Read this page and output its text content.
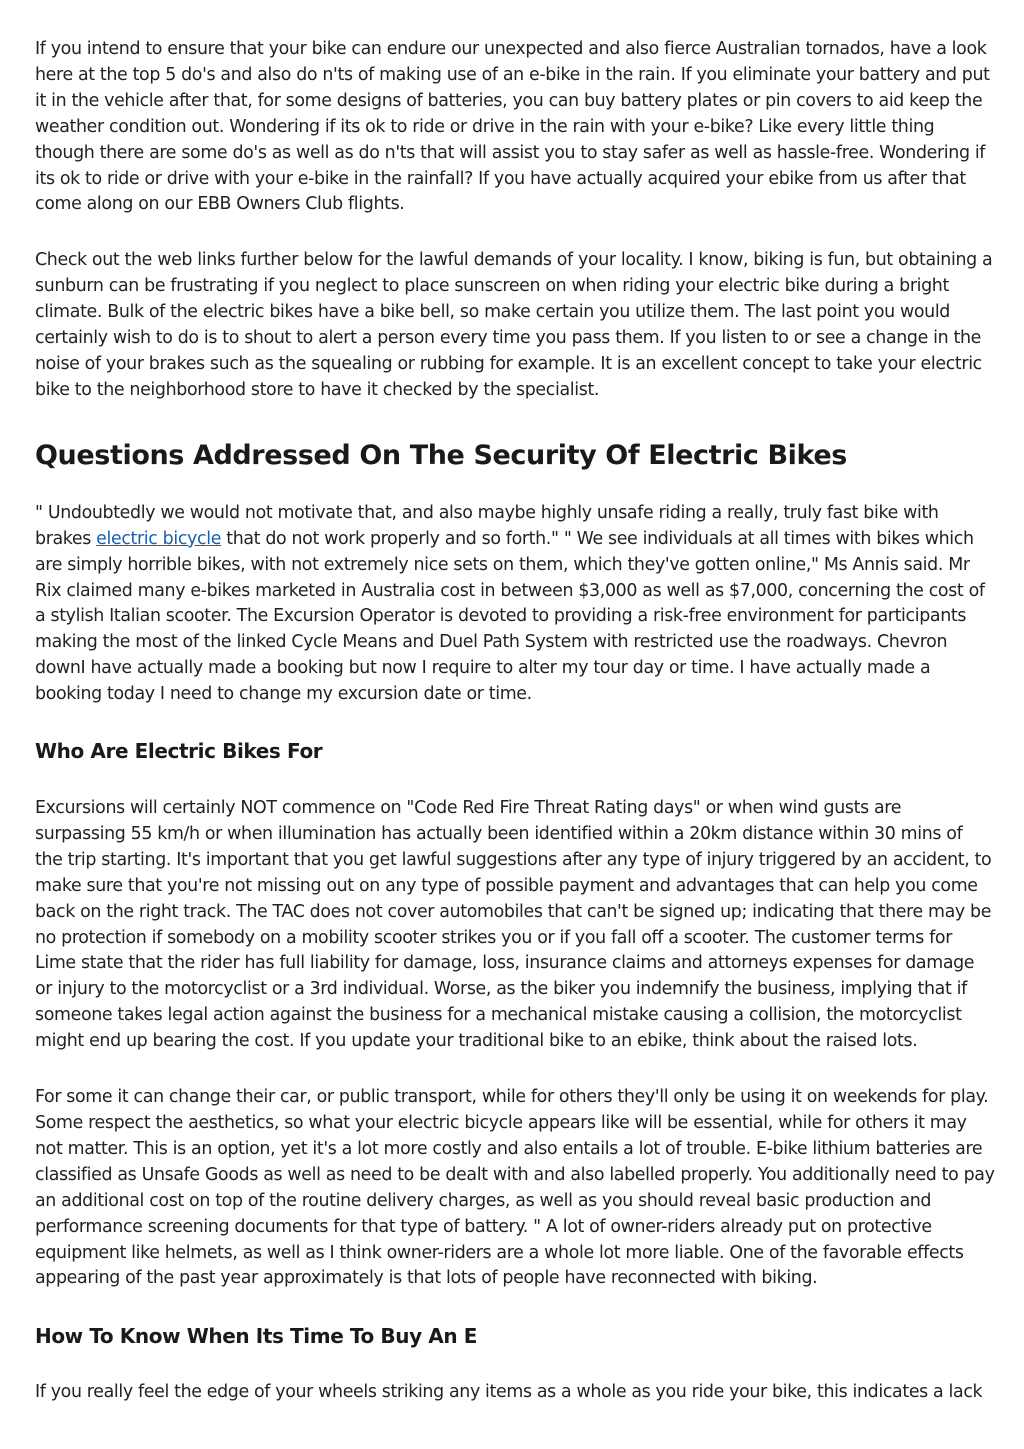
If you intend to ensure that your bike can endure our unexpected and also fierce Australian tornados, have a look here at the top 5 do's and also do n'ts of making use of an e-bike in the rain. If you eliminate your battery and put it in the vehicle after that, for some designs of batteries, you can buy battery plates or pin covers to aid keep the weather condition out. Wondering if its ok to ride or drive in the rain with your e-bike? Like every little thing though there are some do's as well as do n'ts that will assist you to stay safer as well as hassle-free. Wondering if its ok to ride or drive with your e-bike in the rainfall? If you have actually acquired your ebike from us after that come along on our EBB Owners Club flights.

Check out the web links further below for the lawful demands of your locality. I know, biking is fun, but obtaining a sunburn can be frustrating if you neglect to place sunscreen on when riding your electric bike during a bright climate. Bulk of the electric bikes have a bike bell, so make certain you utilize them. The last point you would certainly wish to do is to shout to alert a person every time you pass them. If you listen to or see a change in the noise of your brakes such as the squealing or rubbing for example. It is an excellent concept to take your electric bike to the neighborhood store to have it checked by the specialist.

Questions Addressed On The Security Of Electric Bikes

" Undoubtedly we would not motivate that, and also maybe highly unsafe riding a really, truly fast bike with brakes electric bicycle that do not work properly and so forth." " We see individuals at all times with bikes which are simply horrible bikes, with not extremely nice sets on them, which they've gotten online," Ms Annis said. Mr Rix claimed many e-bikes marketed in Australia cost in between $3,000 as well as $7,000, concerning the cost of a stylish Italian scooter. The Excursion Operator is devoted to providing a risk-free environment for participants making the most of the linked Cycle Means and Duel Path System with restricted use the roadways. Chevron downI have actually made a booking but now I require to alter my tour day or time. I have actually made a booking today I need to change my excursion date or time.

Who Are Electric Bikes For

Excursions will certainly NOT commence on "Code Red Fire Threat Rating days" or when wind gusts are surpassing 55 km/h or when illumination has actually been identified within a 20km distance within 30 mins of the trip starting. It's important that you get lawful suggestions after any type of injury triggered by an accident, to make sure that you're not missing out on any type of possible payment and advantages that can help you come back on the right track. The TAC does not cover automobiles that can't be signed up; indicating that there may be no protection if somebody on a mobility scooter strikes you or if you fall off a scooter. The customer terms for Lime state that the rider has full liability for damage, loss, insurance claims and attorneys expenses for damage or injury to the motorcyclist or a 3rd individual. Worse, as the biker you indemnify the business, implying that if someone takes legal action against the business for a mechanical mistake causing a collision, the motorcyclist might end up bearing the cost. If you update your traditional bike to an ebike, think about the raised lots.

For some it can change their car, or public transport, while for others they'll only be using it on weekends for play. Some respect the aesthetics, so what your electric bicycle appears like will be essential, while for others it may not matter. This is an option, yet it's a lot more costly and also entails a lot of trouble. E-bike lithium batteries are classified as Unsafe Goods as well as need to be dealt with and also labelled properly. You additionally need to pay an additional cost on top of the routine delivery charges, as well as you should reveal basic production and performance screening documents for that type of battery. " A lot of owner-riders already put on protective equipment like helmets, as well as I think owner-riders are a whole lot more liable. One of the favorable effects appearing of the past year approximately is that lots of people have reconnected with biking.

How To Know When Its Time To Buy An E

If you really feel the edge of your wheels striking any items as a whole as you ride your bike, this indicates a lack
